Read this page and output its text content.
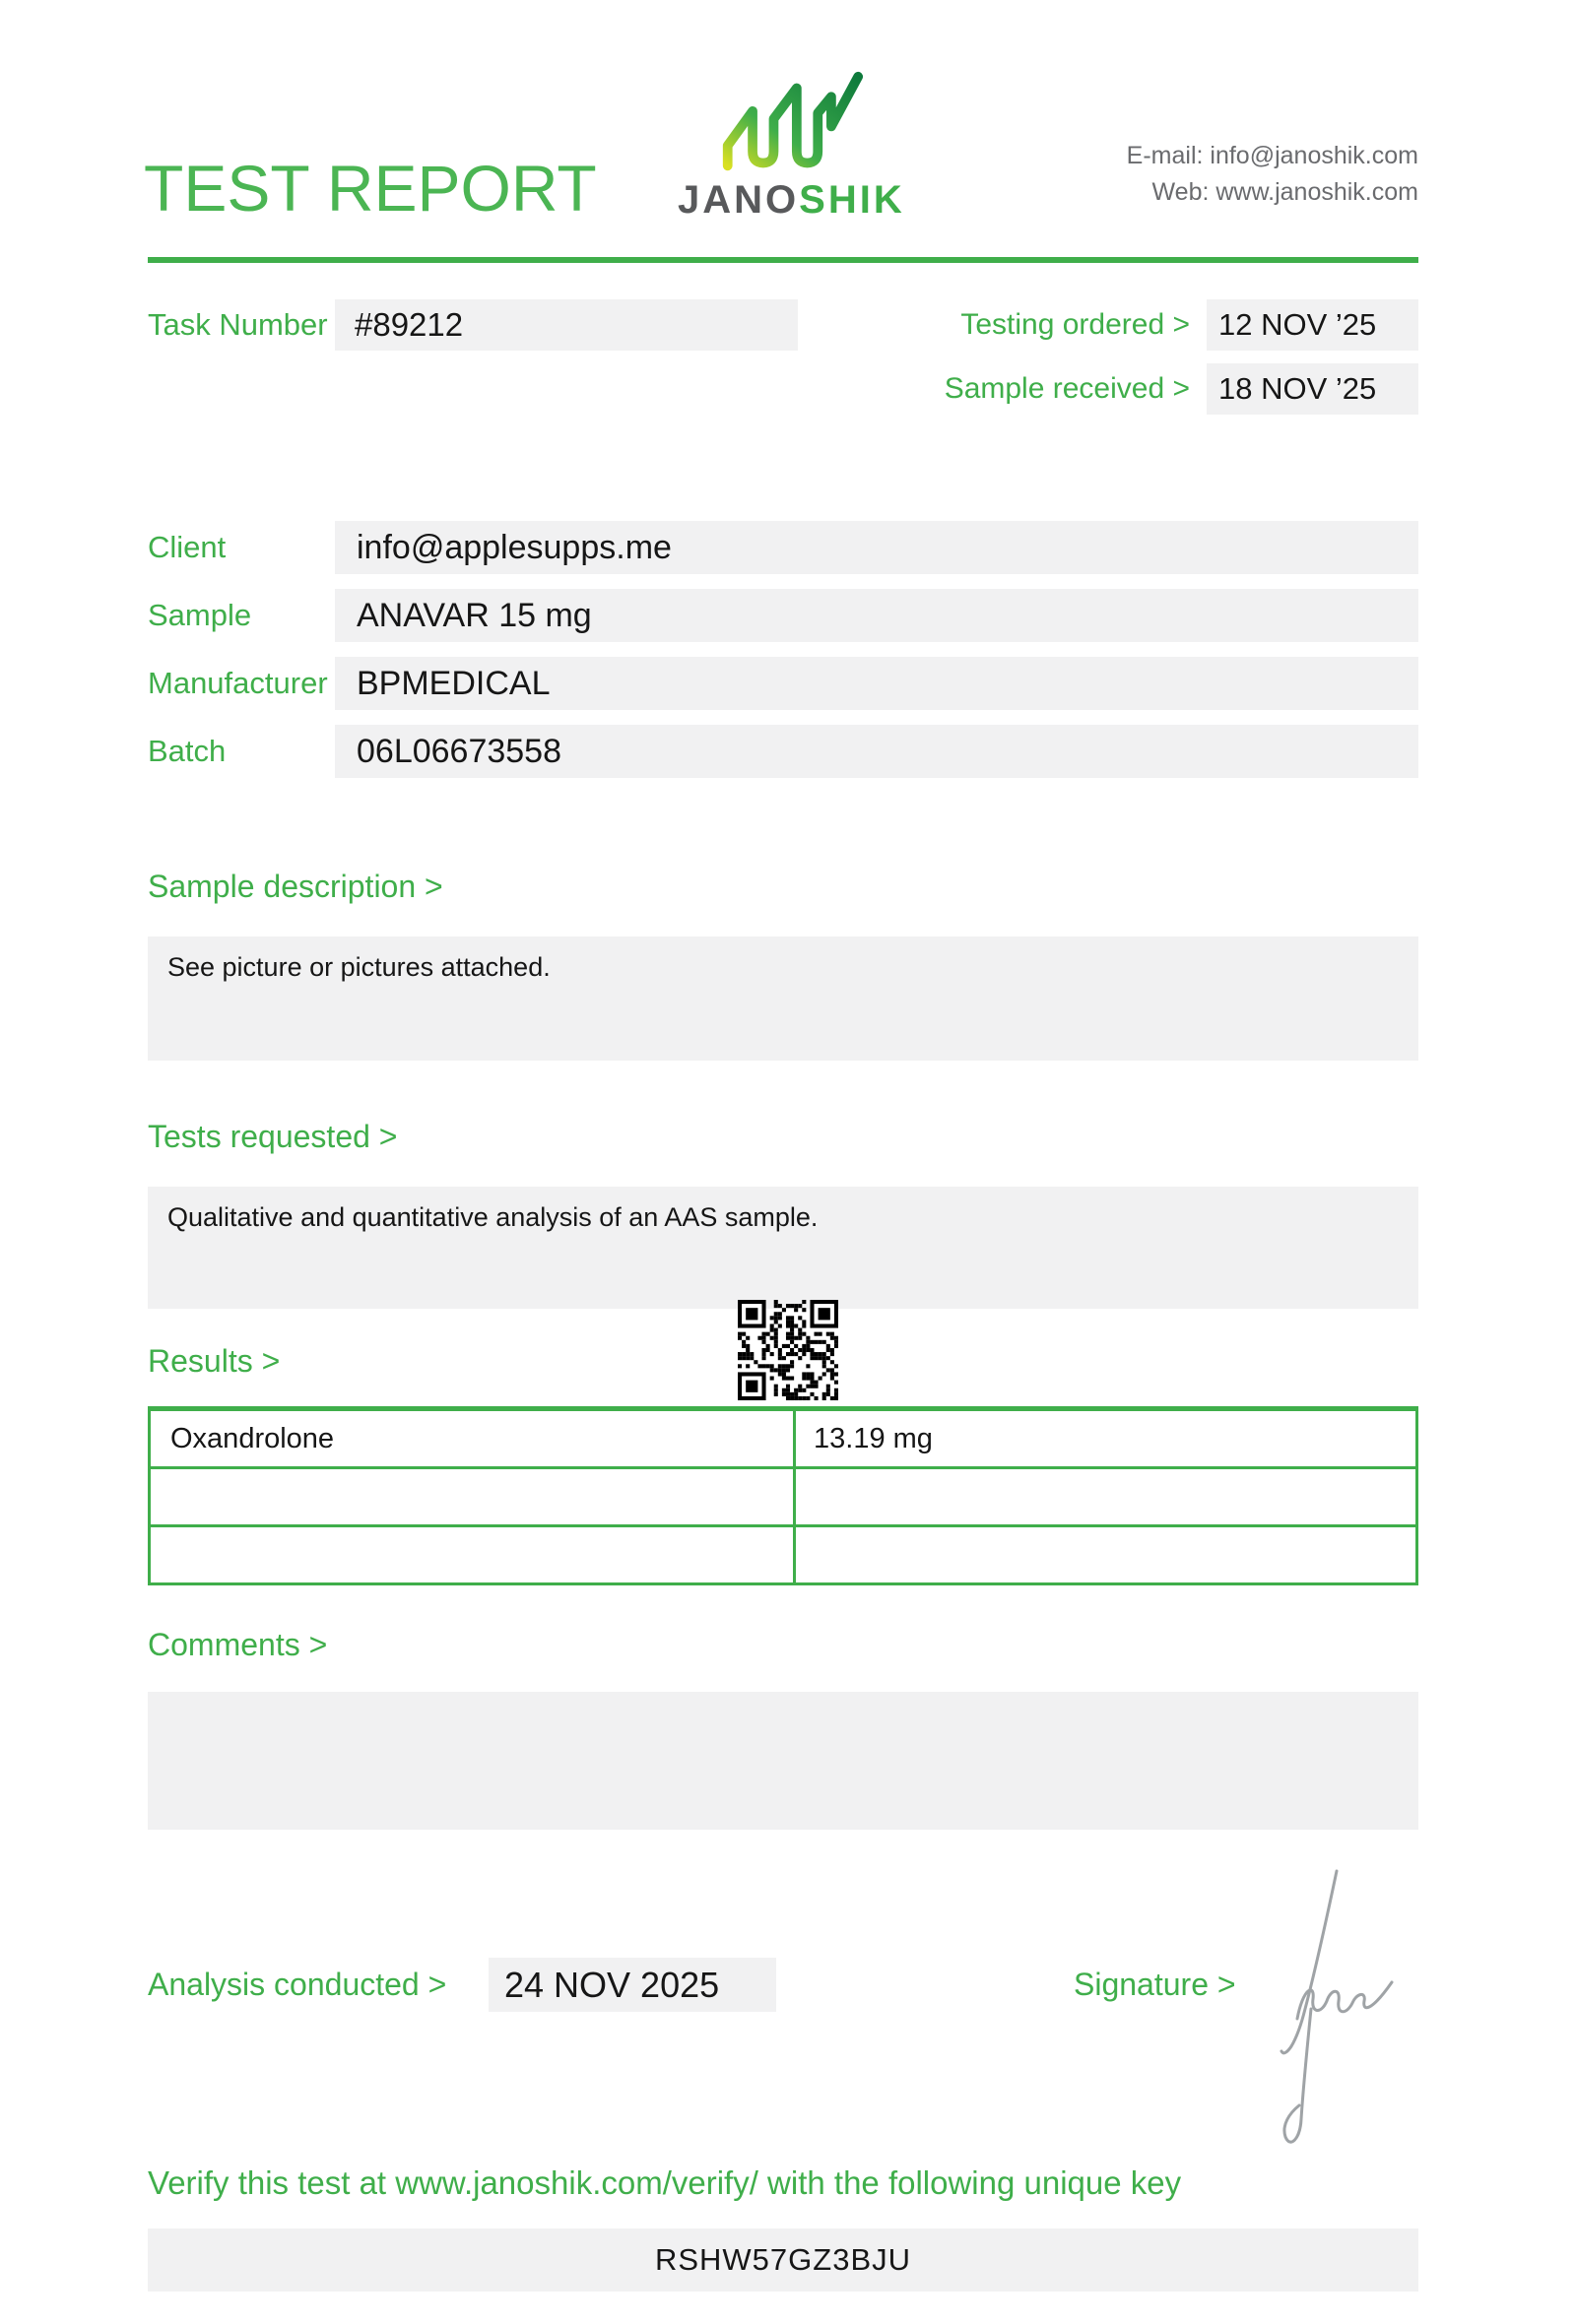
TEST REPORT JANOSHIK
E-mail: info@janoshik.com
Web: www.janoshik.com
Task Number #89212	Testing ordered > 12 NOV ’25
Sample received > 18 NOV ’25
Client	info@applesupps.me
Sample	ANAVAR 15 mg
Manufacturer BPMEDICAL
Batch	06L06673558
Sample description >
See picture or pictures attached.
Tests requested >
Qualitative and quantitative analysis of an AAS sample.
Results >
Oxandrolone	13.19 mg
Comments >
Analysis conducted >	24 NOV 2025	Signature >
Verify this test at www.janoshik.com/verify/ with the following unique key
RSHW57GZ3BJU
